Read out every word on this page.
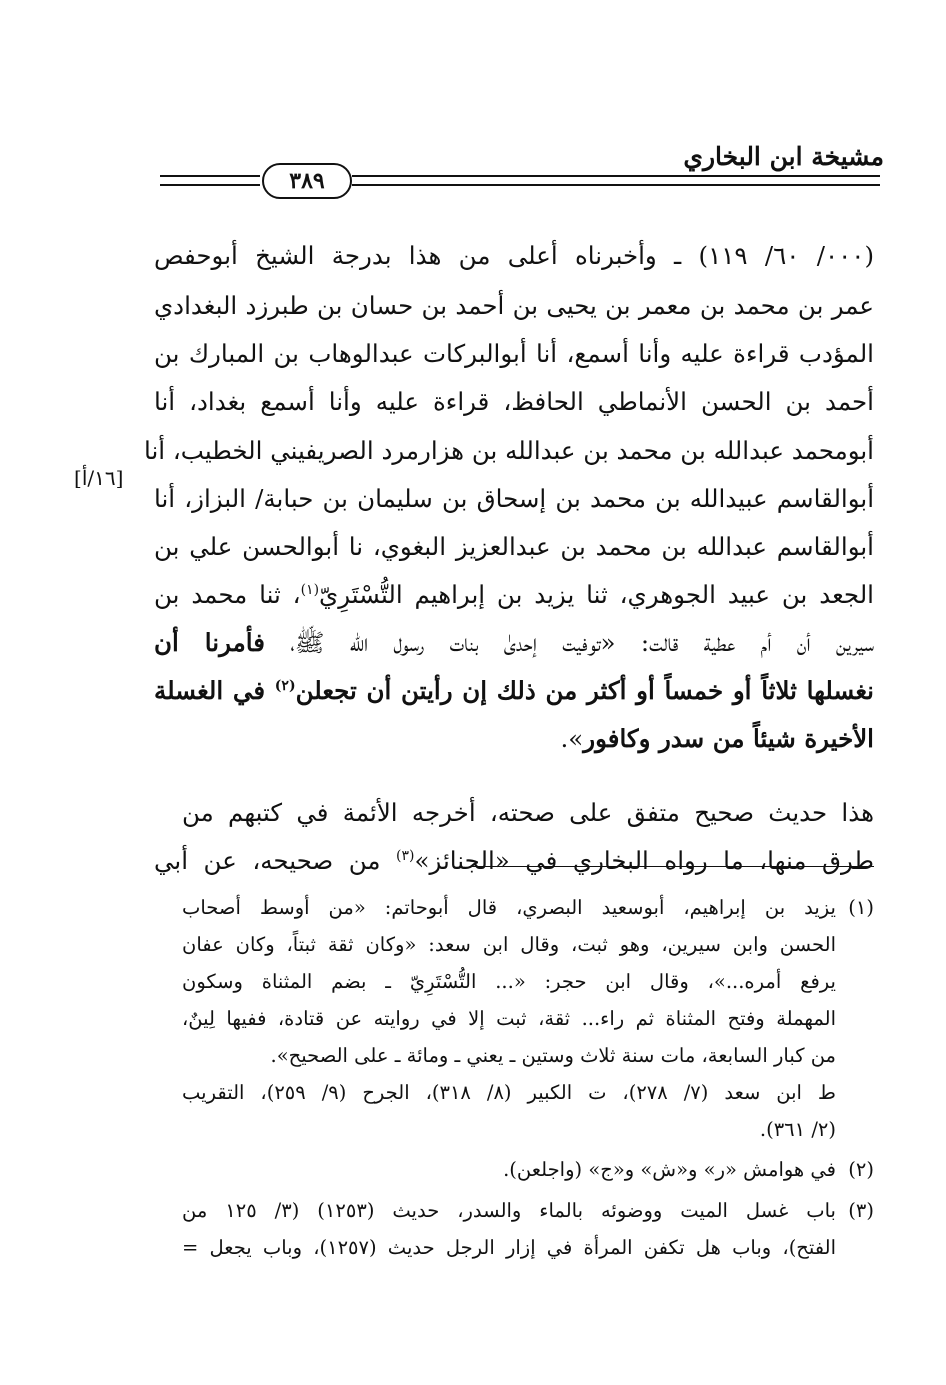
مشيخة ابن البخاري
٣٨٩
[١٦/أ]
(٠٠٠/ ٦٠/ ١١٩) ـ وأخبرناه أعلى من هذا بدرجة الشيخ أبوحفص
عمر بن محمد بن معمر بن يحيى بن أحمد بن حسان بن طبرزد البغدادي
المؤدب قراءة عليه وأنا أسمع، أنا أبوالبركات عبدالوهاب بن المبارك بن
أحمد بن الحسن الأنماطي الحافظ، قراءة عليه وأنا أسمع بغداد، أنا
أبومحمد عبدالله بن محمد بن عبدالله بن هزارمرد الصريفيني الخطيب، أنا
أبوالقاسم عبيدالله بن محمد بن إسحاق بن سليمان بن حبابة/ البزاز، أنا
أبوالقاسم عبدالله بن محمد بن عبدالعزيز البغوي، نا أبوالحسن علي بن
الجعد بن عبيد الجوهري، ثنا يزيد بن إبراهيم التُّسْتَرِيّ$^{(١)}$، ثنا محمد بن
سيرين أن أم عطية قالت: «توفيت إحدىٰ بنات رسول الله ﷺ، فأمرنا أن
نغسلها ثلاثاً أو خمساً أو أكثر من ذلك إن رأيتن أن تجعلن$^{(٢)}$ في الغسلة
الأخيرة شيئاً من سدر وكافور».
هذا حديث صحيح متفق على صحته، أخرجه الأئمة في كتبهم من
طرق منها، ما رواه البخاري في «الجنائز»$^{(٣)}$ من صحيحه، عن أبي
(١)
يزيد بن إبراهيم، أبوسعيد البصري، قال أبوحاتم: «من أوسط أصحاب
الحسن وابن سيرين، وهو ثبت، وقال ابن سعد: «وكان ثقة ثبتاً، وكان عفان
يرفع أمره...»، وقال ابن حجر: «... التُّسْتَرِيّ ـ بضم المثناة وسكون
المهملة وفتح المثناة ثم راء... ثقة، ثبت إلا في روايته عن قتادة، ففيها لِينٌ،
من كبار السابعة، مات سنة ثلاث وستين ـ يعني ـ ومائة ـ على الصحيح».
ط ابن سعد (٧/ ٢٧٨)، ت الكبير (٨/ ٣١٨)، الجرح (٩/ ٢٥٩)، التقريب
(٢/ ٣٦١).
(٢)
في هوامش «ر» و«ش» و«ج» (واجلعن).
(٣)
باب غسل الميت ووضوئه بالماء والسدر، حديث (١٢٥٣) (٣/ ١٢٥ من
الفتح)، وباب هل تكفن المرأة في إزار الرجل حديث (١٢٥٧)، وباب يجعل =
